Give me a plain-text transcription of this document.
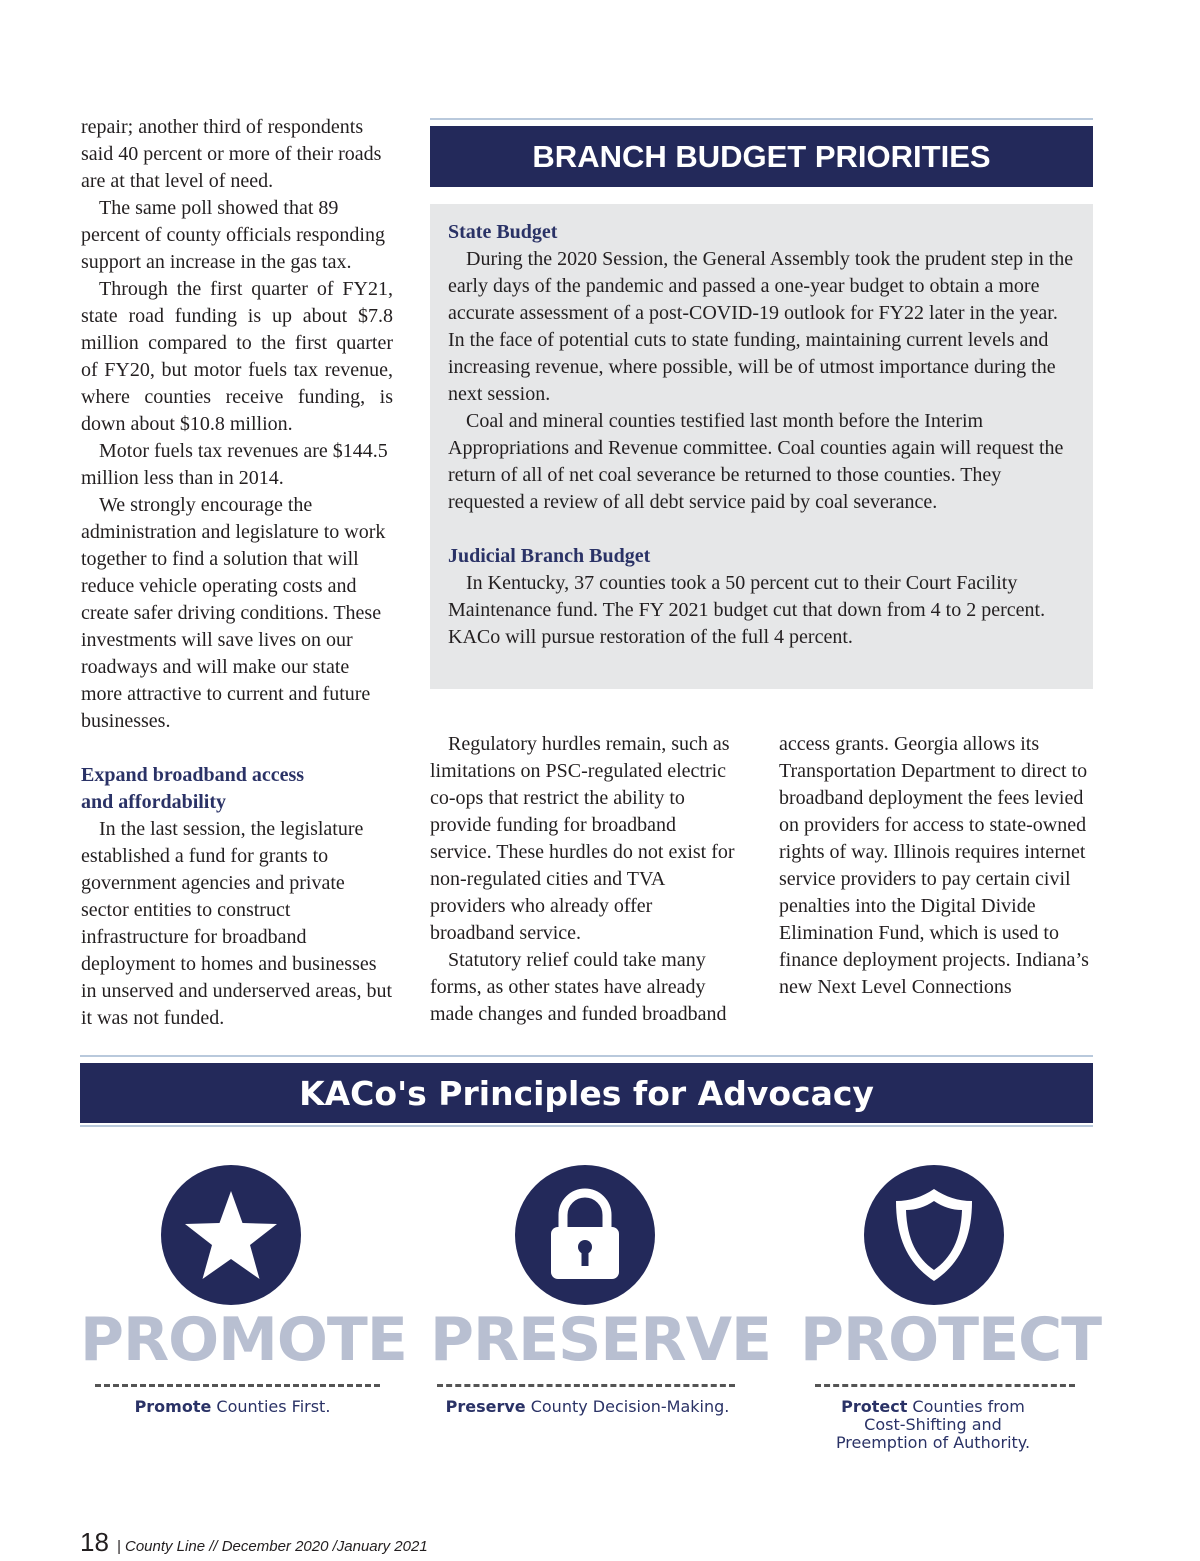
repair; another third of respondents said 40 percent or more of their roads are at that level of need.

The same poll showed that 89 percent of county officials responding support an increase in the gas tax.

Through the first quarter of FY21, state road funding is up about $7.8 million compared to the first quarter of FY20, but motor fuels tax revenue, where counties receive funding, is down about $10.8 million.

Motor fuels tax revenues are $144.5 million less than in 2014.

We strongly encourage the administration and legislature to work together to find a solution that will reduce vehicle operating costs and create safer driving conditions. These investments will save lives on our roadways and will make our state more attractive to current and future businesses.

Expand broadband access
and affordability

In the last session, the legislature established a fund for grants to government agencies and private sector entities to construct infrastructure for broadband deployment to homes and businesses in unserved and underserved areas, but it was not funded.

BRANCH BUDGET PRIORITIES
State Budget

During the 2020 Session, the General Assembly took the prudent step in the early days of the pandemic and passed a one-year budget to obtain a more accurate assessment of a post-COVID-19 outlook for FY22 later in the year. In the face of potential cuts to state funding, maintaining current levels and increasing revenue, where possible, will be of utmost importance during the next session.

Coal and mineral counties testified last month before the Interim Appropriations and Revenue committee. Coal counties again will request the return of all of net coal severance be returned to those counties. They requested a review of all debt service paid by coal severance.

Judicial Branch Budget

In Kentucky, 37 counties took a 50 percent cut to their Court Facility Maintenance fund. The FY 2021 budget cut that down from 4 to 2 percent. KACo will pursue restoration of the full 4 percent.

Regulatory hurdles remain, such as limitations on PSC-regulated electric co-ops that restrict the ability to provide funding for broadband service. These hurdles do not exist for non-regulated cities and TVA providers who already offer broadband service.

Statutory relief could take many forms, as other states have already made changes and funded broadband

access grants. Georgia allows its Transportation Department to direct to broadband deployment the fees levied on providers for access to state-owned rights of way. Illinois requires internet service providers to pay certain civil penalties into the Digital Divide Elimination Fund, which is used to finance deployment projects. Indiana’s new Next Level Connections

KACo's Principles for Advocacy
PROMOTE
Promote Counties First.
PRESERVE
Preserve County Decision-Making.
PROTECT
Protect Counties from Cost-Shifting and Preemption of Authority.
18 | County Line // December 2020 /January 2021
